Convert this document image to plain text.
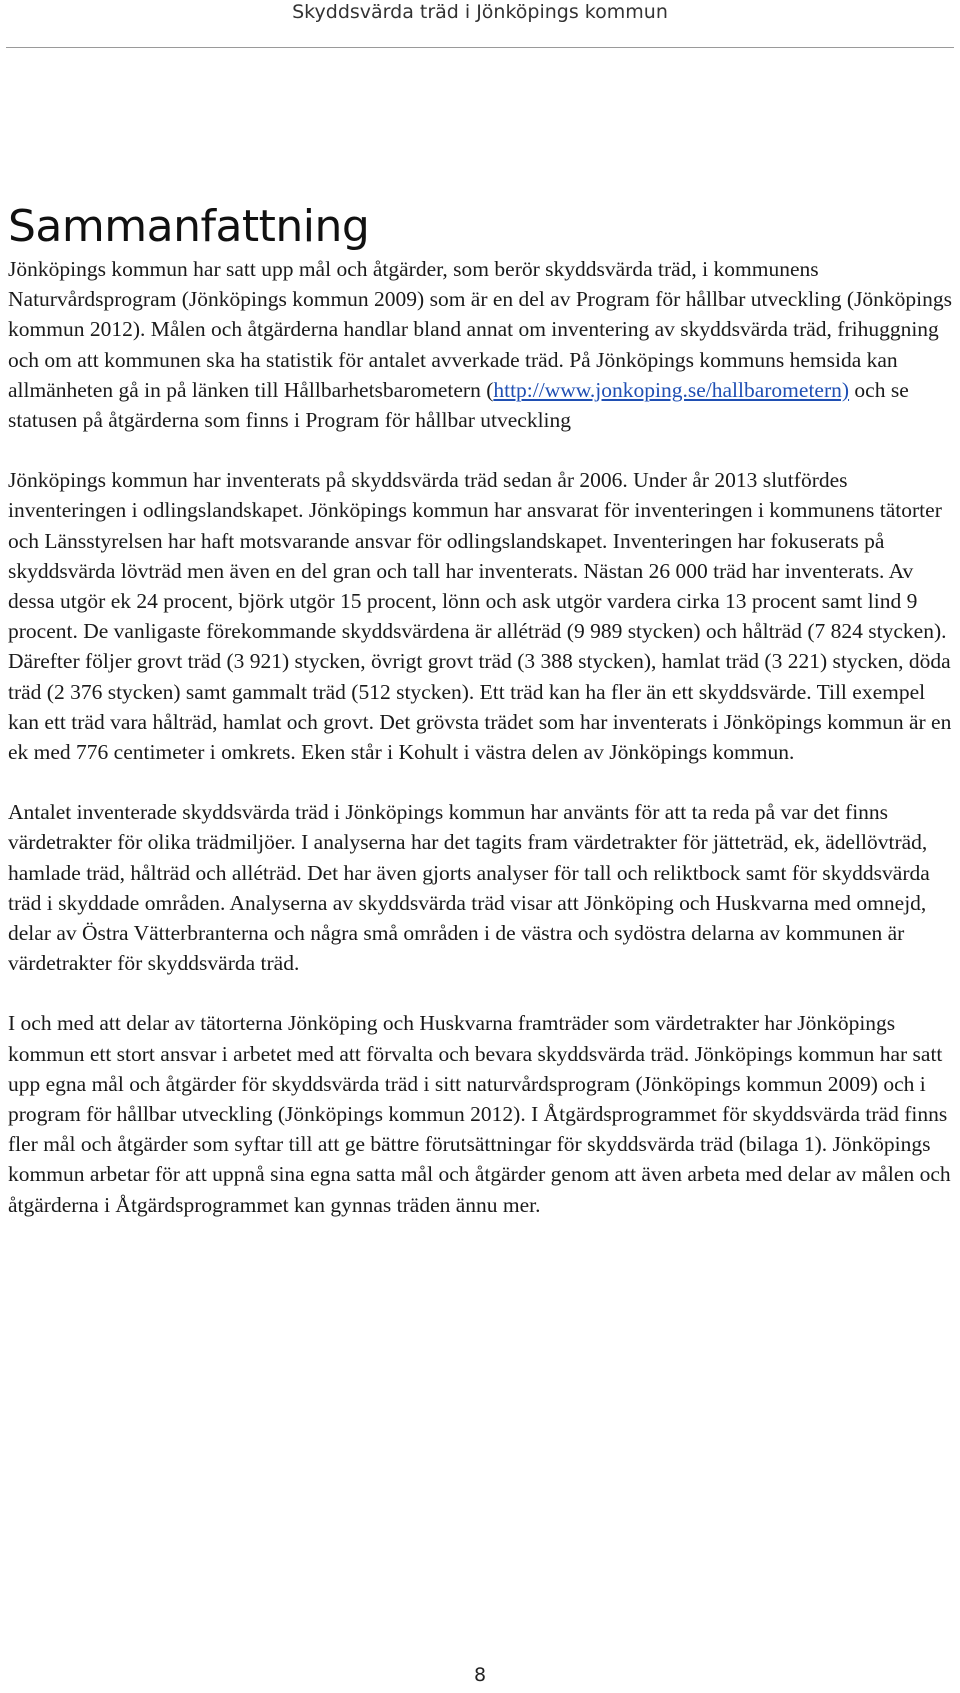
Skyddsvärda träd i Jönköpings kommun
Sammanfattning

Jönköpings kommun har satt upp mål och åtgärder, som berör skyddsvärda träd, i kommunens Naturvårdsprogram (Jönköpings kommun 2009) som är en del av Program för hållbar utveckling (Jönköpings kommun 2012). Målen och åtgärderna handlar bland annat om inventering av skyddsvärda träd, frihuggning och om att kommunen ska ha statistik för antalet avverkade träd. På Jönköpings kommuns hemsida kan allmänheten gå in på länken till Hållbarhetsbarometern (http://www.jonkoping.se/hallbarometern) och se statusen på åtgärderna som finns i Program för hållbar utveckling

Jönköpings kommun har inventerats på skyddsvärda träd sedan år 2006. Under år 2013 slutfördes inventeringen i odlingslandskapet. Jönköpings kommun har ansvarat för inventeringen i kommunens tätorter och Länsstyrelsen har haft motsvarande ansvar för odlingslandskapet. Inventeringen har fokuserats på skyddsvärda lövträd men även en del gran och tall har inventerats. Nästan 26 000 träd har inventerats. Av dessa utgör ek 24 procent, björk utgör 15 procent, lönn och ask utgör vardera cirka 13 procent samt lind 9 procent. De vanligaste förekommande skyddsvärdena är alléträd (9 989 stycken) och hålträd (7 824 stycken). Därefter följer grovt träd (3 921) stycken, övrigt grovt träd (3 388 stycken), hamlat träd (3 221) stycken, döda träd (2 376 stycken) samt gammalt träd (512 stycken). Ett träd kan ha fler än ett skyddsvärde. Till exempel kan ett träd vara hålträd, hamlat och grovt. Det grövsta trädet som har inventerats i Jönköpings kommun är en ek med 776 centimeter i omkrets. Eken står i Kohult i västra delen av Jönköpings kommun.

Antalet inventerade skyddsvärda träd i Jönköpings kommun har använts för att ta reda på var det finns värdetrakter för olika trädmiljöer. I analyserna har det tagits fram värdetrakter för jätteträd, ek, ädellövträd, hamlade träd, hålträd och alléträd. Det har även gjorts analyser för tall och reliktbock samt för skyddsvärda träd i skyddade områden. Analyserna av skyddsvärda träd visar att Jönköping och Huskvarna med omnejd, delar av Östra Vätterbranterna och några små områden i de västra och sydöstra delarna av kommunen är värdetrakter för skyddsvärda träd.

I och med att delar av tätorterna Jönköping och Huskvarna framträder som värdetrakter har Jönköpings kommun ett stort ansvar i arbetet med att förvalta och bevara skyddsvärda träd. Jönköpings kommun har satt upp egna mål och åtgärder för skyddsvärda träd i sitt naturvårdsprogram (Jönköpings kommun 2009) och i program för hållbar utveckling (Jönköpings kommun 2012). I Åtgärdsprogrammet för skyddsvärda träd finns fler mål och åtgärder som syftar till att ge bättre förutsättningar för skyddsvärda träd (bilaga 1). Jönköpings kommun arbetar för att uppnå sina egna satta mål och åtgärder genom att även arbeta med delar av målen och åtgärderna i Åtgärdsprogrammet kan gynnas träden ännu mer.

8
